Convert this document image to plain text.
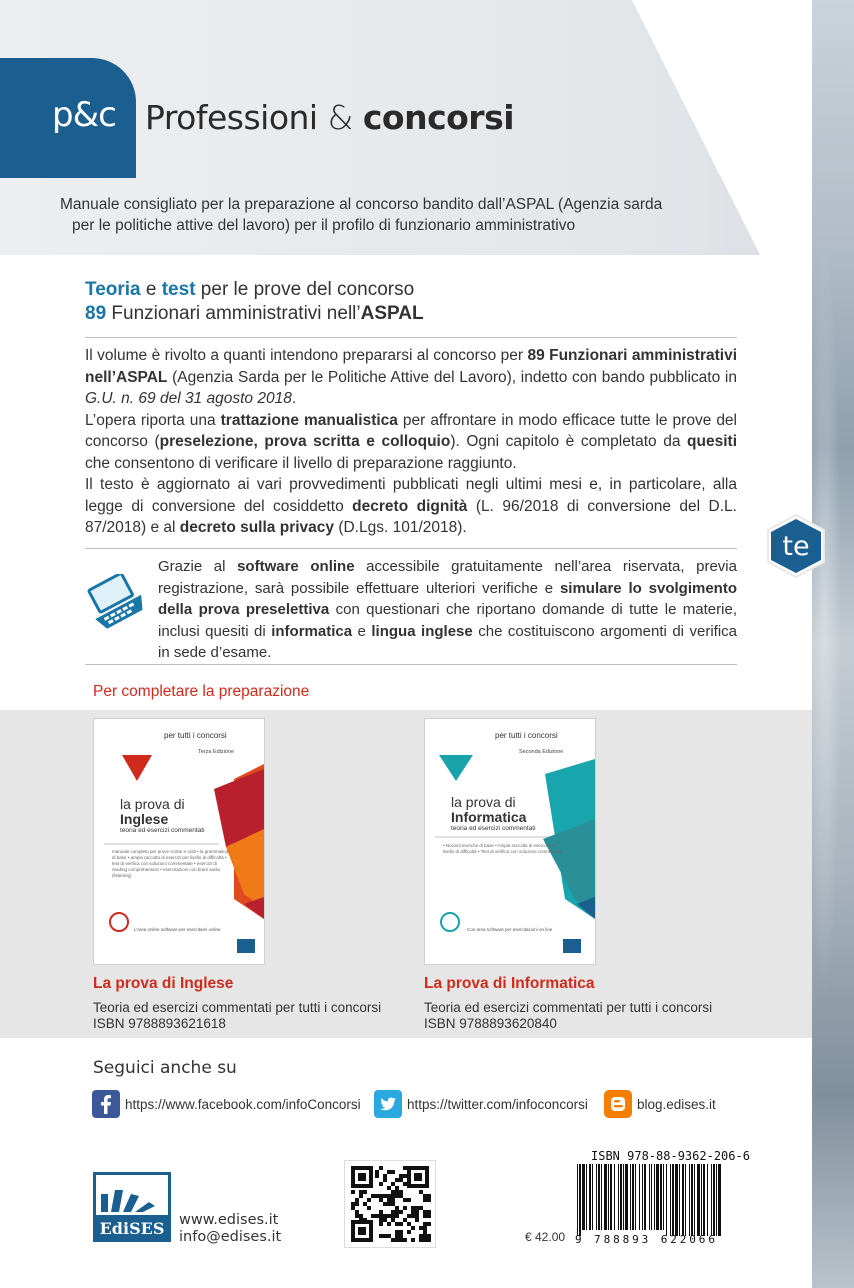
p&c Professioni & concorsi
Manuale consigliato per la preparazione al concorso bandito dall’ASPAL (Agenzia sarda
per le politiche attive del lavoro) per il profilo di funzionario amministrativo
Teoria e test per le prove del concorso
89 Funzionari amministrativi nell’ASPAL

Il volume è rivolto a quanti intendono prepararsi al concorso per 89 Funzionari amministrativi nell’ASPAL (Agenzia Sarda per le Politiche Attive del Lavoro), indetto con bando pubblicato in G.U. n. 69 del 31 agosto 2018.

L’opera riporta una trattazione manualistica per affrontare in modo efficace tutte le prove del concorso (preselezione, prova scritta e colloquio). Ogni capitolo è completato da quesiti che consentono di verificare il livello di preparazione raggiunto.

Il testo è aggiornato ai vari provvedimenti pubblicati negli ultimi mesi e, in particolare, alla legge di conversione del cosiddetto decreto dignità (L. 96/2018 di conversione del D.L. 87/2018) e al decreto sulla privacy (D.Lgs. 101/2018).

te
Grazie al software online accessibile gratuitamente nell’area riservata, previa registrazione, sarà possibile effettuare ulteriori verifiche e simulare lo svolgimento della prova preselettiva con questionari che riportano domande di tutte le materie, inclusi quesiti di informatica e lingua inglese che costituiscono argomenti di verifica in sede d’esame.
Per completare la preparazione
per tutti i concorsi
Terza Edizione
la prova di
Inglese
teoria ed esercizi commentati
manuale completo per prove scritte e orali • la grammatica di base • ampia raccolta di esercizi per livello di difficoltà • test di verifica con soluzioni commentate • esercizi di reading comprehension • esercitazioni con brani audio (listening)
L’area online software per esercitarsi online
per tutti i concorsi
Seconda Edizione
la prova di
Informatica
teoria ed esercizi commentati
• Nozioni teoriche di base • Ampia raccolta di esercizi per livello di difficoltà • Test di verifica con soluzioni commentate
Con area software per esercitazioni on line
La prova di Inglese
Teoria ed esercizi commentati per tutti i concorsi
ISBN 9788893621618
La prova di Informatica
Teoria ed esercizi commentati per tutti i concorsi
ISBN 9788893620840
Seguici anche su
https://www.facebook.com/infoConcorsi	https://twitter.com/infoconcorsi	blog.edises.it
EdiSES www.edises.it
info@edises.it
ISBN 978-88-9362-206-6
€ 42.00 9 788893 622066
